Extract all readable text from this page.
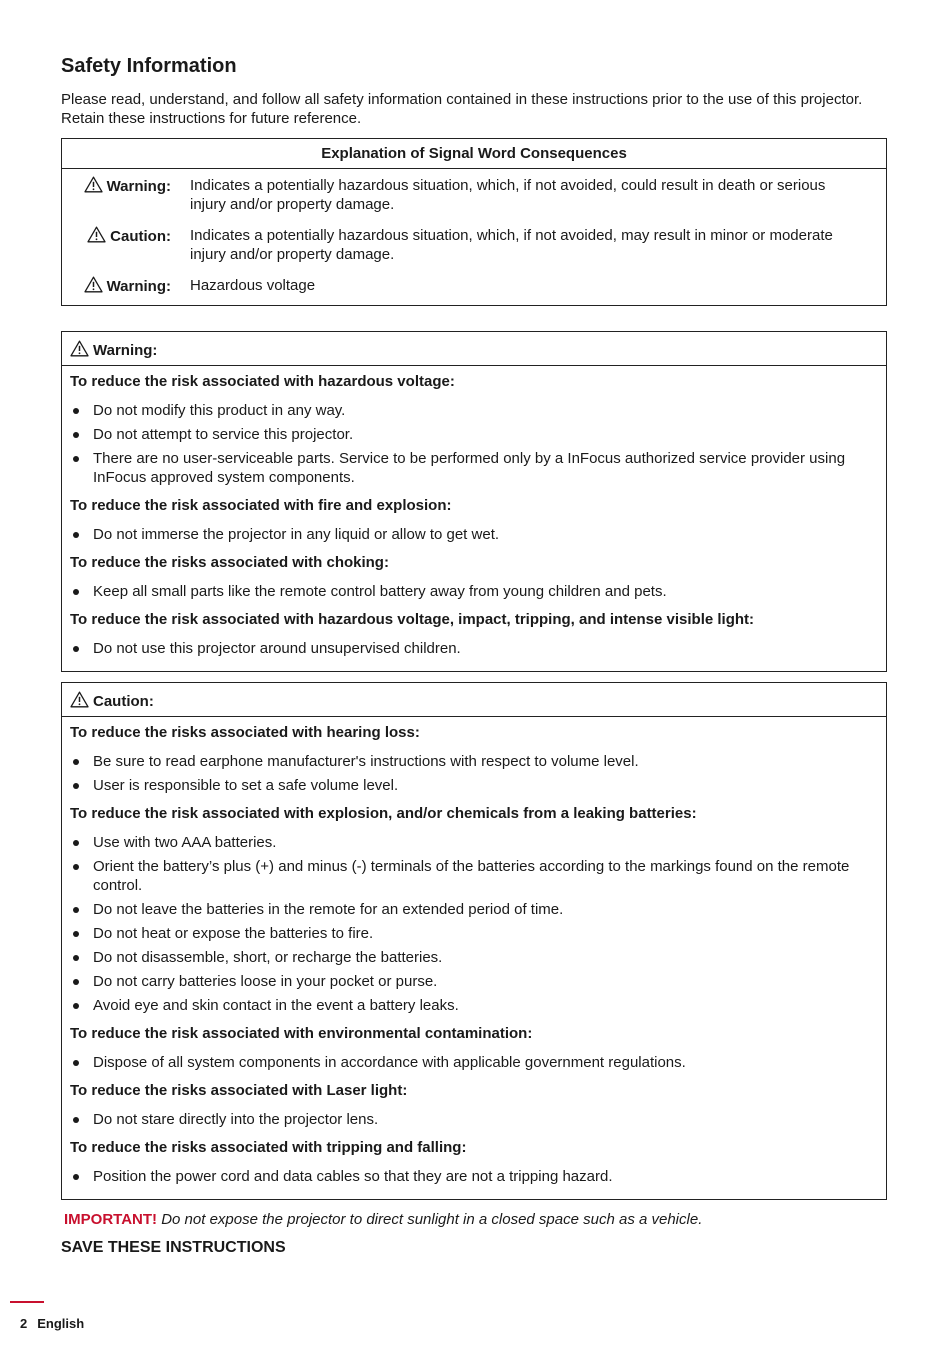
Safety Information

Please read, understand, and follow all safety information contained in these instructions prior to the use of this projector. Retain these instructions for future reference.

Explanation of Signal Word Consequences
Warning:	Indicates a potentially hazardous situation, which, if not avoided, could result in death or serious injury and/or property damage.
Caution:	Indicates a potentially hazardous situation, which, if not avoided, may result in minor or moderate injury and/or property damage.
Warning:	Hazardous voltage
Warning:
To reduce the risk associated with hazardous voltage:
Do not modify this product in any way.
Do not attempt to service this projector.
There are no user-serviceable parts. Service to be performed only by a InFocus authorized service provider using InFocus approved system components.
To reduce the risk associated with fire and explosion:
Do not immerse the projector in any liquid or allow to get wet.
To reduce the risks associated with choking:
Keep all small parts like the remote control battery away from young children and pets.
To reduce the risk associated with hazardous voltage, impact, tripping, and intense visible light:
Do not use this projector around unsupervised children.
Caution:
To reduce the risks associated with hearing loss:
Be sure to read earphone manufacturer's instructions with respect to volume level.
User is responsible to set a safe volume level.
To reduce the risk associated with explosion, and/or chemicals from a leaking batteries:
Use with two AAA batteries.
Orient the battery’s plus (+) and minus (-) terminals of the batteries according to the markings found on the remote control.
Do not leave the batteries in the remote for an extended period of time.
Do not heat or expose the batteries to fire.
Do not disassemble, short, or recharge the batteries.
Do not carry batteries loose in your pocket or purse.
Avoid eye and skin contact in the event a battery leaks.
To reduce the risk associated with environmental contamination:
Dispose of all system components in accordance with applicable government regulations.
To reduce the risks associated with Laser light:
Do not stare directly into the projector lens.
To reduce the risks associated with tripping and falling:
Position the power cord and data cables so that they are not a tripping hazard.

IMPORTANT! Do not expose the projector to direct sunlight in a closed space such as a vehicle.

SAVE THESE INSTRUCTIONS
2 English
